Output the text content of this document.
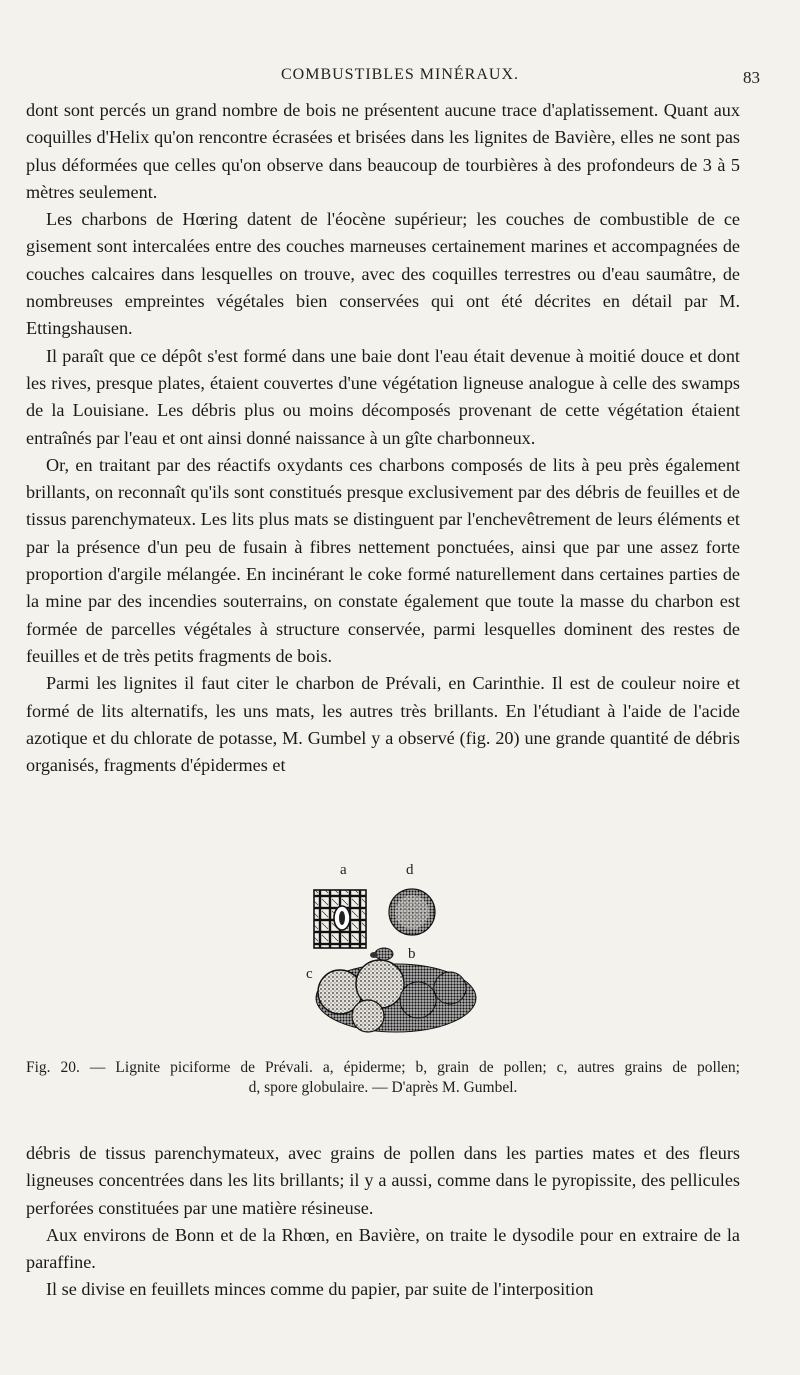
COMBUSTIBLES MINÉRAUX.	83

dont sont percés un grand nombre de bois ne présentent aucune trace d'aplatissement. Quant aux coquilles d'Helix qu'on rencontre écrasées et brisées dans les lignites de Bavière, elles ne sont pas plus déformées que celles qu'on observe dans beaucoup de tourbières à des profondeurs de 3 à 5 mètres seulement.

Les charbons de Hœring datent de l'éocène supérieur; les couches de combustible de ce gisement sont intercalées entre des couches marneuses certainement marines et accompagnées de couches calcaires dans lesquelles on trouve, avec des coquilles terrestres ou d'eau saumâtre, de nombreuses empreintes végétales bien conservées qui ont été décrites en détail par M. Ettingshausen.

Il paraît que ce dépôt s'est formé dans une baie dont l'eau était devenue à moitié douce et dont les rives, presque plates, étaient couvertes d'une végétation ligneuse analogue à celle des swamps de la Louisiane. Les débris plus ou moins décomposés provenant de cette végétation étaient entraînés par l'eau et ont ainsi donné naissance à un gîte charbonneux.

Or, en traitant par des réactifs oxydants ces charbons composés de lits à peu près également brillants, on reconnaît qu'ils sont constitués presque exclusivement par des débris de feuilles et de tissus parenchymateux. Les lits plus mats se distinguent par l'enchevêtrement de leurs éléments et par la présence d'un peu de fusain à fibres nettement ponctuées, ainsi que par une assez forte proportion d'argile mélangée. En incinérant le coke formé naturellement dans certaines parties de la mine par des incendies souterrains, on constate également que toute la masse du charbon est formée de parcelles végétales à structure conservée, parmi lesquelles dominent des restes de feuilles et de très petits fragments de bois.

Parmi les lignites il faut citer le charbon de Prévali, en Carinthie. Il est de couleur noire et formé de lits alternatifs, les uns mats, les autres très brillants. En l'étudiant à l'aide de l'acide azotique et du chlorate de potasse, M. Gumbel y a observé (fig. 20) une grande quantité de débris organisés, fragments d'épidermes et

a	d
b
c
Fig. 20. — Lignite piciforme de Prévali. a, épiderme; b, grain de pollen; c, autres grains de pollen;
d, spore globulaire. — D'après M. Gumbel.

débris de tissus parenchymateux, avec grains de pollen dans les parties mates et des fleurs ligneuses concentrées dans les lits brillants; il y a aussi, comme dans le pyropissite, des pellicules perforées constituées par une matière résineuse.

Aux environs de Bonn et de la Rhœn, en Bavière, on traite le dysodile pour en extraire de la paraffine.

Il se divise en feuillets minces comme du papier, par suite de l'interposition
